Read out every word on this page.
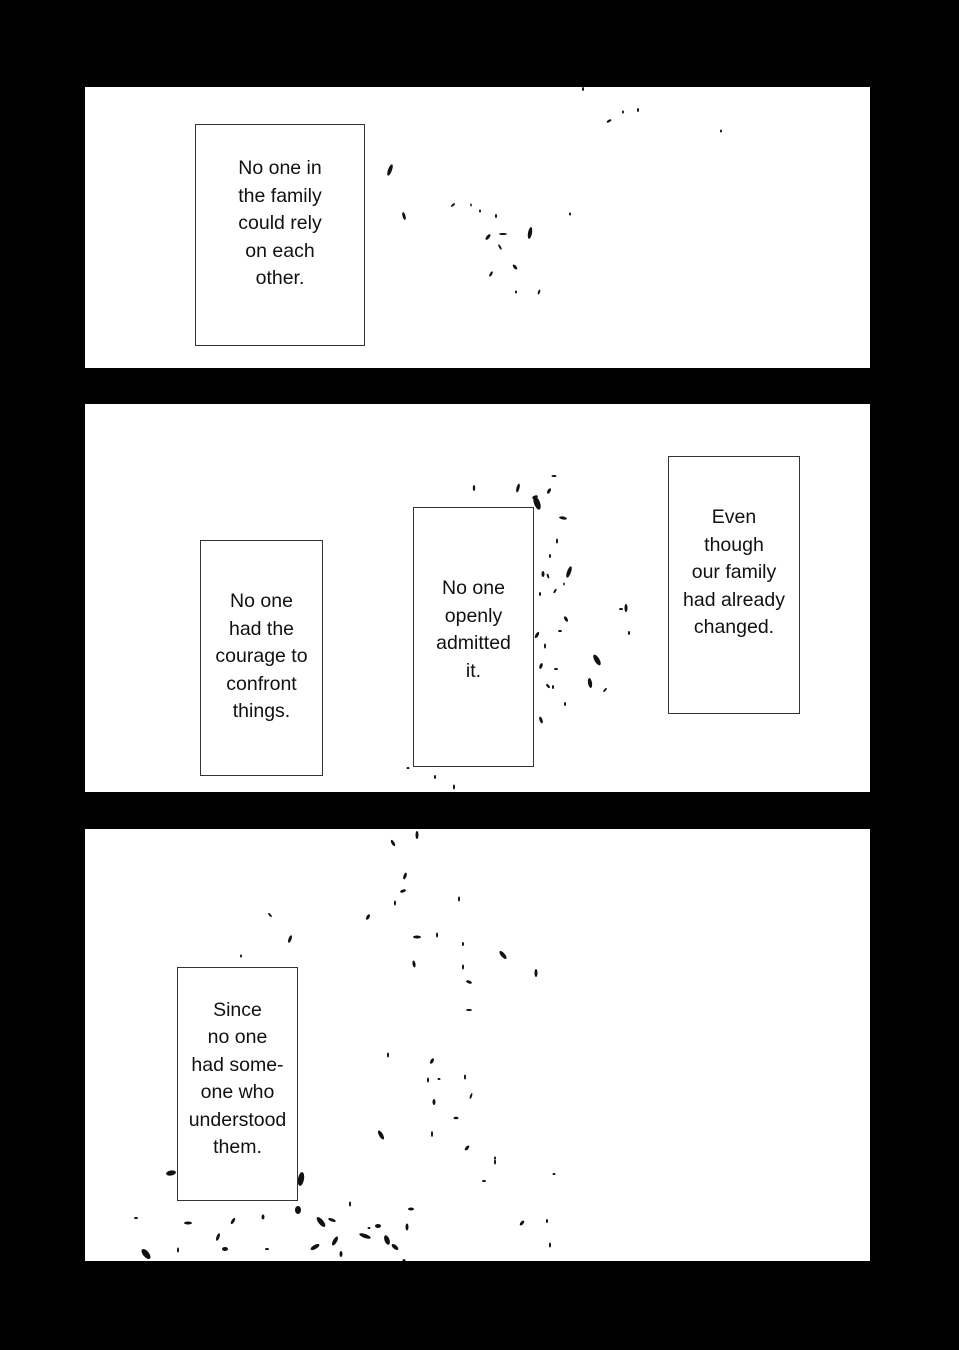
No one in
the family
could rely
on each
other.
No one
had the
courage to
confront
things.
No one
openly
admitted
it.
Even
though
our family
had already
changed.
Since
no one
had some-
one who
understood
them.
